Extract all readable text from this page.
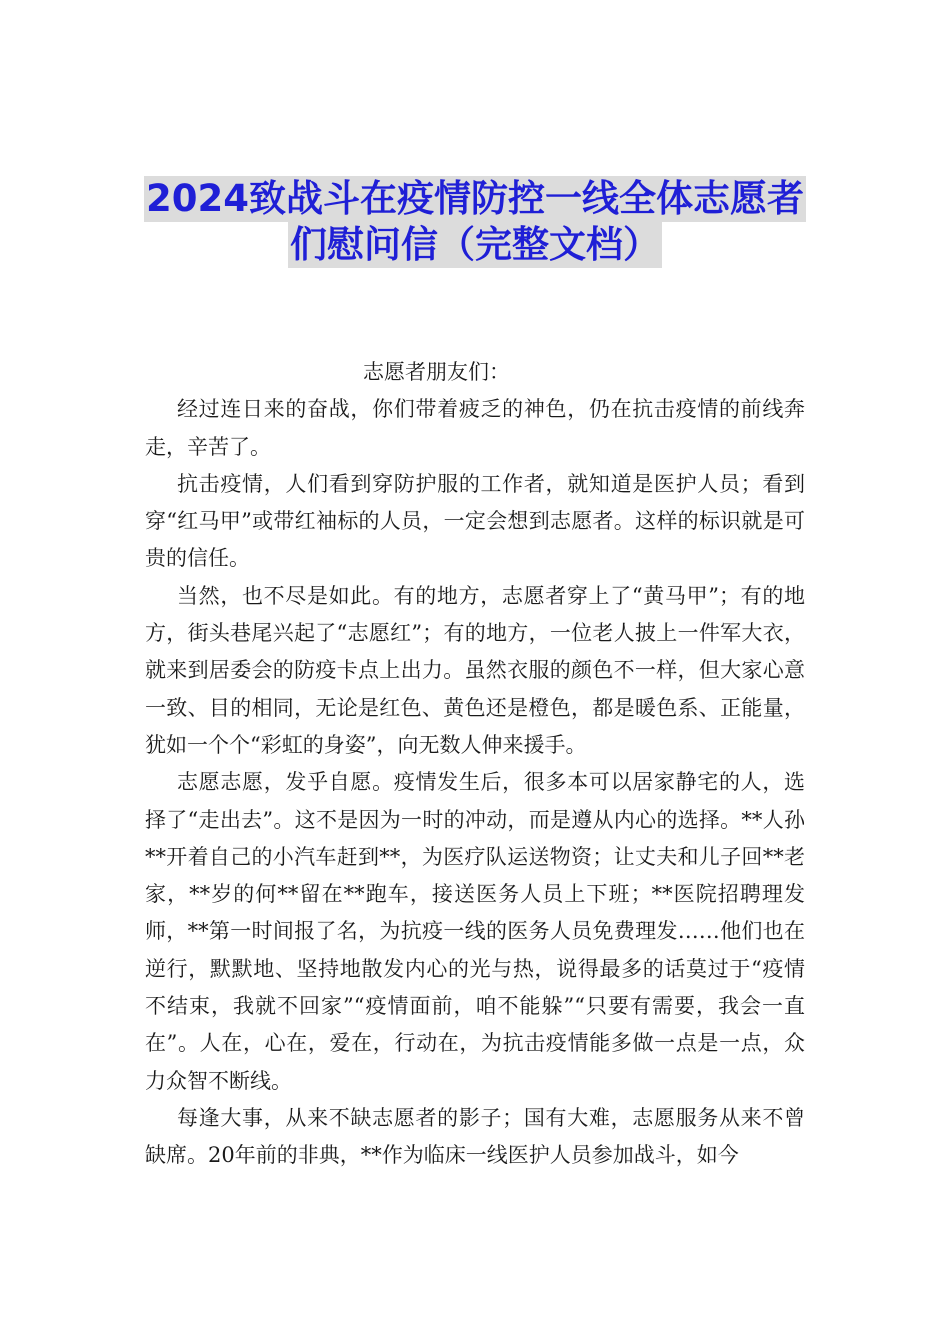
2024致战斗在疫情防控一线全体志愿者
们慰问信（完整文档）

志愿者朋友们：

经过连日来的奋战，你们带着疲乏的神色，仍在抗击疫情的前线奔走，辛苦了。

抗击疫情，人们看到穿防护服的工作者，就知道是医护人员；看到穿“红马甲”或带红袖标的人员，一定会想到志愿者。这样的标识就是可贵的信任。

当然，也不尽是如此。有的地方，志愿者穿上了“黄马甲”；有的地方，街头巷尾兴起了“志愿红”；有的地方，一位老人披上一件军大衣，就来到居委会的防疫卡点上出力。虽然衣服的颜色不一样，但大家心意一致、目的相同，无论是红色、黄色还是橙色，都是暖色系、正能量，犹如一个个“彩虹的身姿”，向无数人伸来援手。

志愿志愿，发乎自愿。疫情发生后，很多本可以居家静宅的人，选择了“走出去”。这不是因为一时的冲动，而是遵从内心的选择。**人孙**开着自己的小汽车赶到**，为医疗队运送物资；让丈夫和儿子回**老家，**岁的何**留在**跑车，接送医务人员上下班；**医院招聘理发师，**第一时间报了名，为抗疫一线的医务人员免费理发……他们也在逆行，默默地、坚持地散发内心的光与热，说得最多的话莫过于“疫情不结束，我就不回家”“疫情面前，咱不能躲”“只要有需要，我会一直在”。人在，心在，爱在，行动在，为抗击疫情能多做一点是一点，众力众智不断线。

每逢大事，从来不缺志愿者的影子；国有大难，志愿服务从来不曾缺席。20年前的非典，**作为临床一线医护人员参加战斗，如今
